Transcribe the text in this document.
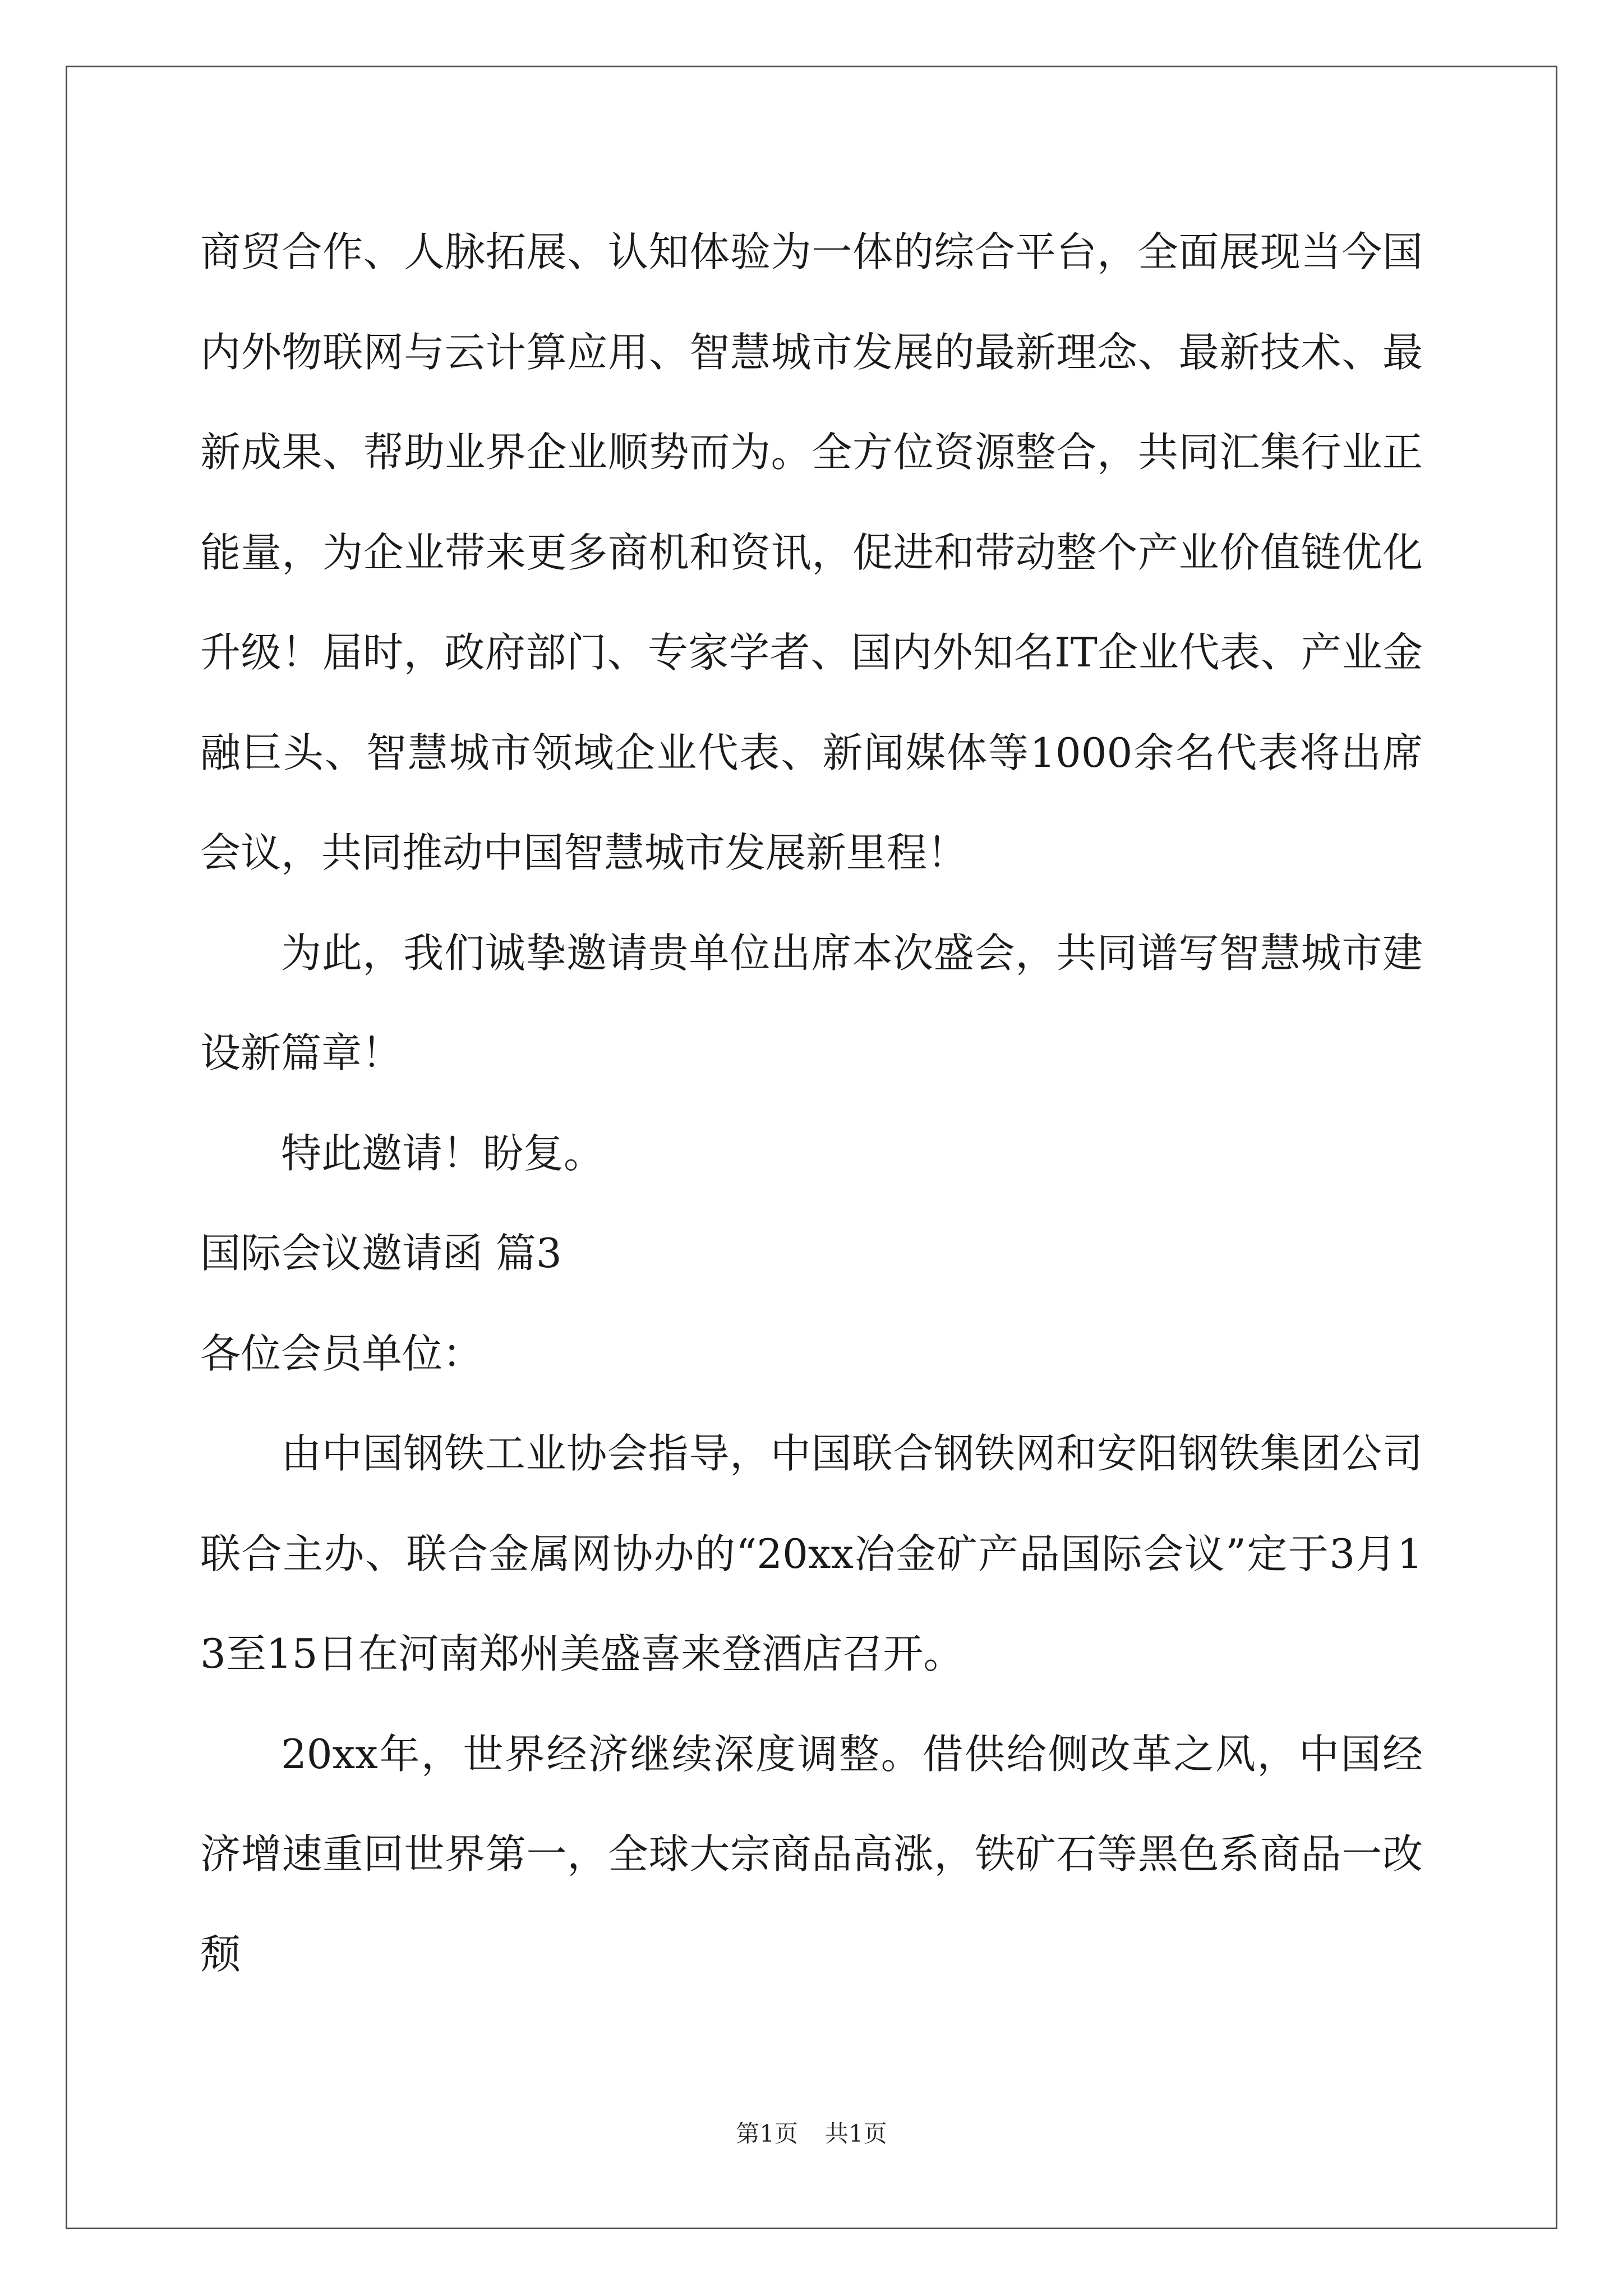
商贸合作、人脉拓展、认知体验为一体的综合平台，全面展现当今国内外物联网与云计算应用、智慧城市发展的最新理念、最新技术、最新成果、帮助业界企业顺势而为。全方位资源整合，共同汇集行业正能量，为企业带来更多商机和资讯，促进和带动整个产业价值链优化升级！届时，政府部门、专家学者、国内外知名IT企业代表、产业金融巨头、智慧城市领域企业代表、新闻媒体等1000余名代表将出席会议，共同推动中国智慧城市发展新里程！

为此，我们诚挚邀请贵单位出席本次盛会，共同谱写智慧城市建设新篇章！

特此邀请！盼复。

国际会议邀请函 篇3

各位会员单位：

由中国钢铁工业协会指导，中国联合钢铁网和安阳钢铁集团公司联合主办、联合金属网协办的“20xx冶金矿产品国际会议”定于3月13至15日在河南郑州美盛喜来登酒店召开。

20xx年，世界经济继续深度调整。借供给侧改革之风，中国经济增速重回世界第一，全球大宗商品高涨，铁矿石等黑色系商品一改颓

第1页 共1页
